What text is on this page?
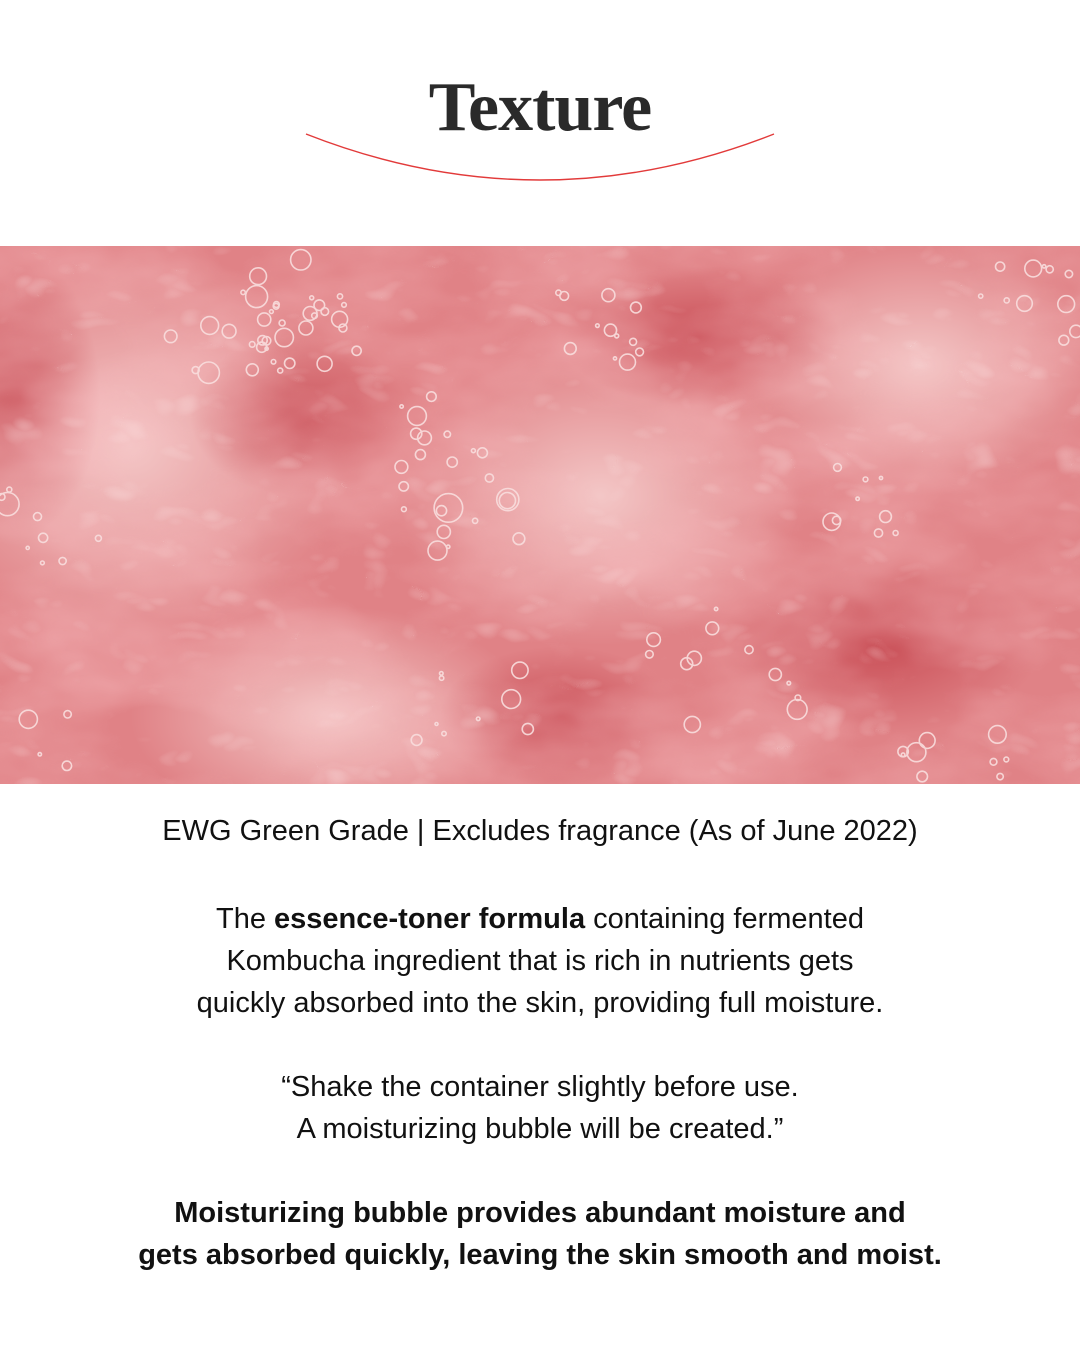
Texture

EWG Green Grade | Excludes fragrance (As of June 2022)

The essence-toner formula containing fermented

Kombucha ingredient that is rich in nutrients gets

quickly absorbed into the skin, providing full moisture.

“Shake the container slightly before use.

A moisturizing bubble will be created.”

Moisturizing bubble provides abundant moisture and

gets absorbed quickly, leaving the skin smooth and moist.
